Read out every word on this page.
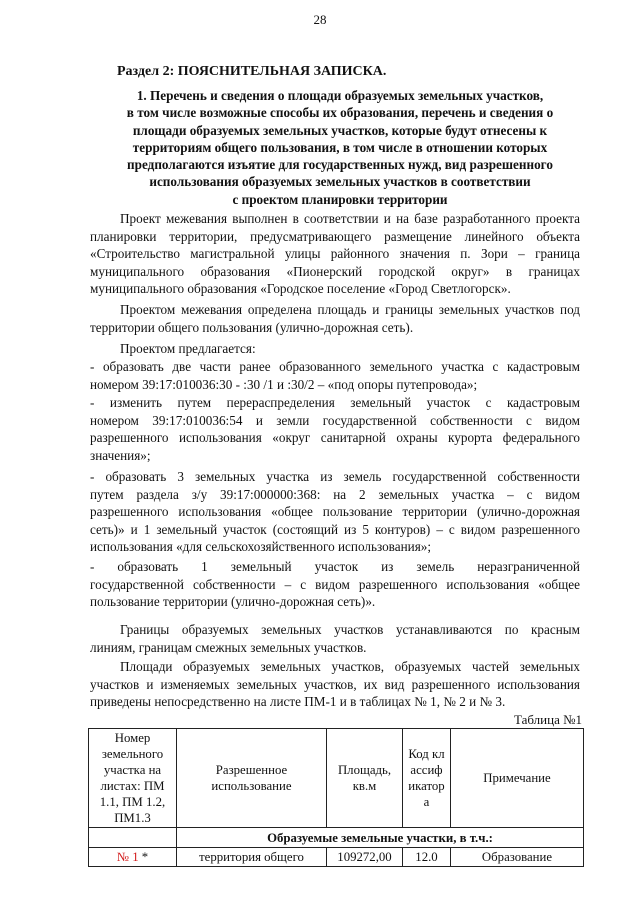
28
Раздел 2: ПОЯСНИТЕЛЬНАЯ ЗАПИСКА.
1. Перечень и сведения о площади образуемых земельных участков,
в том числе возможные способы их образования, перечень и сведения о
площади образуемых земельных участков, которые будут отнесены к
территориям общего пользования, в том числе в отношении которых
предполагаются изъятие для государственных нужд, вид разрешенного
использования образуемых земельных участков в соответствии
с проектом планировки территории
Проект межевания выполнен в соответствии и на базе разработанного проекта
планировки территории, предусматривающего размещение линейного объекта
«Строительство магистральной улицы районного значения п. Зори – граница
муниципального образования «Пионерский городской округ» в границах
муниципального образования «Городское поселение «Город Светлогорск».
Проектом межевания определена площадь и границы земельных участков под
территории общего пользования (улично-дорожная сеть).
Проектом предлагается:
- образовать две части ранее образованного земельного участка с кадастровым
номером 39:17:010036:30 - :30 /1 и :30/2 – «под опоры путепровода»;
- изменить путем перераспределения земельный участок с кадастровым
номером 39:17:010036:54 и земли государственной собственности с видом
разрешенного использования «округ санитарной охраны курорта федерального
значения»;
- образовать 3 земельных участка из земель государственной собственности
путем раздела з/у 39:17:000000:368: на 2 земельных участка – с видом
разрешенного использования «общее пользование территории (улично-дорожная
сеть)» и 1 земельный участок (состоящий из 5 контуров) – с видом разрешенного
использования «для сельскохозяйственного использования»;
- образовать 1 земельный участок из земель неразграниченной
государственной собственности – с видом разрешенного использования «общее
пользование территории (улично-дорожная сеть)».
Границы образуемых земельных участков устанавливаются по красным
линиям, границам смежных земельных участков.
Площади образуемых земельных участков, образуемых частей земельных
участков и изменяемых земельных участков, их вид разрешенного использования
приведены непосредственно на листе ПМ-1 и в таблицах № 1, № 2 и № 3.
Таблица №1
Номер земельного участка на листах: ПМ 1.1, ПМ 1.2, ПМ1.3	Разрешенное использование	Площадь, кв.м	Код классификатора	Примечание
	Образуемые земельные участки, в т.ч.:			
№ 1 *	территория общего	109272,00	12.0	Образование
